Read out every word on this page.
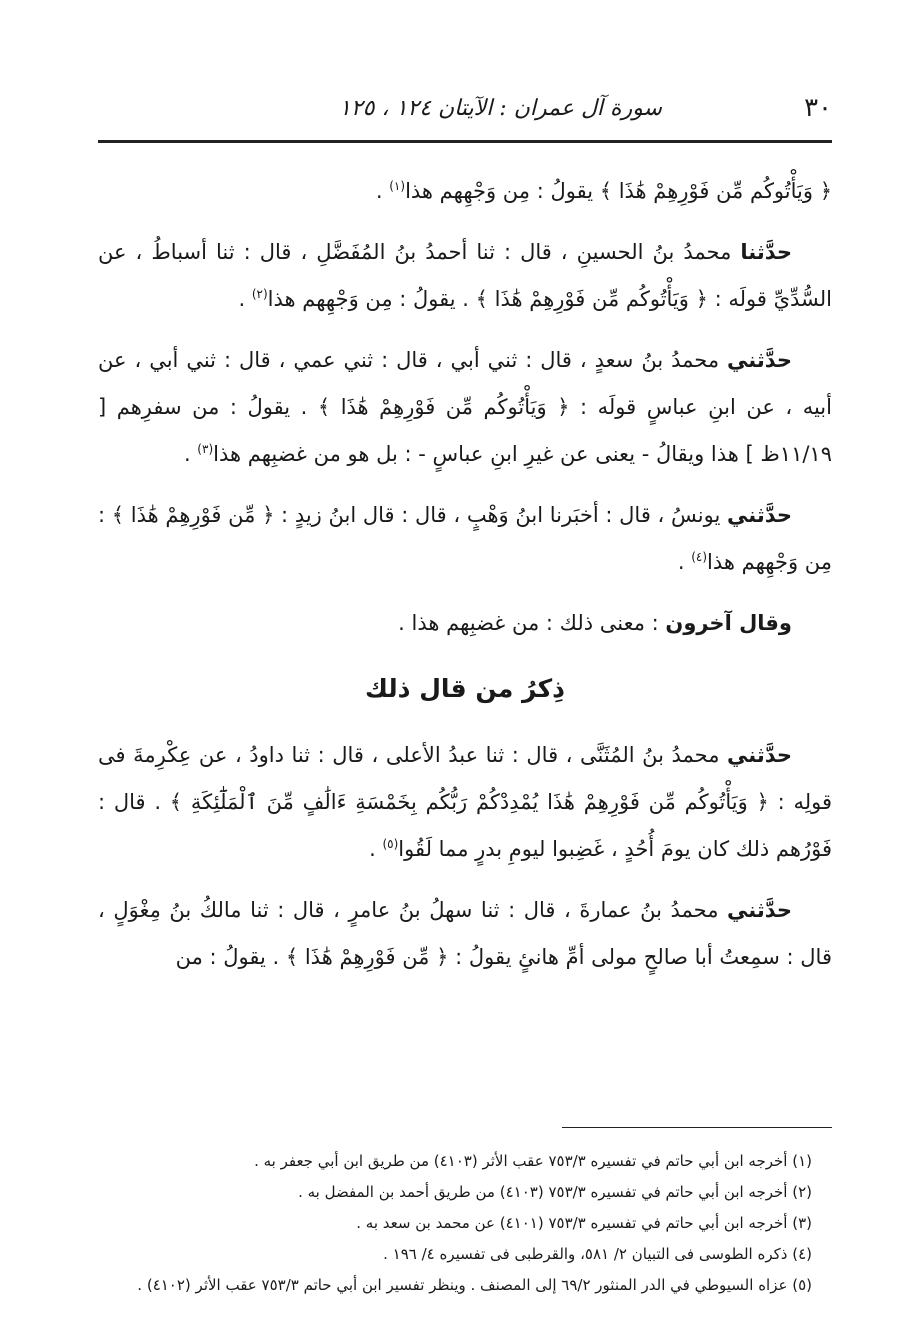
٣٠
سورة آل عمران : الآيتان ١٢٤ ، ١٢٥

﴿ وَيَأْتُوكُم مِّن فَوْرِهِمْ هَٰذَا ﴾ يقولُ : مِن وَجْهِهم هذا$^{(١)}$ .

حدَّثنا محمدُ بنُ الحسينِ ، قال : ثنا أحمدُ بنُ المُفَضَّلِ ، قال : ثنا أسباطُ ، عن السُّدِّيِّ قولَه : ﴿ وَيَأْتُوكُم مِّن فَوْرِهِمْ هَٰذَا ﴾ . يقولُ : مِن وَجْهِهم هذا$^{(٢)}$ .

حدَّثني محمدُ بنُ سعدٍ ، قال : ثني أبي ، قال : ثني عمي ، قال : ثني أبي ، عن أبيه ، عن ابنِ عباسٍ قولَه : ﴿ وَيَأْتُوكُم مِّن فَوْرِهِمْ هَٰذَا ﴾ . يقولُ : من سفرِهم [ ١١/١٩ظ ] هذا ويقالُ - يعنى عن غيرِ ابنِ عباسٍ - : بل هو من غضبِهم هذا$^{(٣)}$ .

حدَّثني يونسُ ، قال : أخبَرنا ابنُ وَهْبٍ ، قال : قال ابنُ زيدٍ : ﴿ مِّن فَوْرِهِمْ هَٰذَا ﴾ : مِن وَجْهِهم هذا$^{(٤)}$ .

وقال آخرون : معنى ذلك : من غضبِهم هذا .

ذِكرُ من قال ذلك

حدَّثني محمدُ بنُ المُثَنَّى ، قال : ثنا عبدُ الأعلى ، قال : ثنا داودُ ، عن عِكْرِمةَ فى قولِه : ﴿ وَيَأْتُوكُم مِّن فَوْرِهِمْ هَٰذَا يُمْدِدْكُمْ رَبُّكُم بِخَمْسَةِ ءَالَٰفٍ مِّنَ ٱلْمَلَٰٓئِكَةِ ﴾ . قال : فَوْرُهم ذلك كان يومَ أُحُدٍ ، غَضِبوا ليومِ بدرٍ مما لَقُوا$^{(٥)}$ .

حدَّثني محمدُ بنُ عمارةَ ، قال : ثنا سهلُ بنُ عامرٍ ، قال : ثنا مالكُ بنُ مِغْوَلٍ ، قال : سمِعتُ أبا صالحٍ مولى أمِّ هانئٍ يقولُ : ﴿ مِّن فَوْرِهِمْ هَٰذَا ﴾ . يقولُ : من

(١) أخرجه ابن أبي حاتم في تفسيره ٧٥٣/٣ عقب الأثر (٤١٠٣) من طريق ابن أبي جعفر به .

(٢) أخرجه ابن أبي حاتم في تفسيره ٧٥٣/٣ (٤١٠٣) من طريق أحمد بن المفضل به .

(٣) أخرجه ابن أبي حاتم في تفسيره ٧٥٣/٣ (٤١٠١) عن محمد بن سعد به .

(٤) ذكره الطوسى فى التبيان ٢/ ٥٨١، والقرطبى فى تفسيره ٤/ ١٩٦ .

(٥) عزاه السيوطي في الدر المنثور ٦٩/٢ إلى المصنف . وينظر تفسير ابن أبي حاتم ٧٥٣/٣ عقب الأثر (٤١٠٢) .
